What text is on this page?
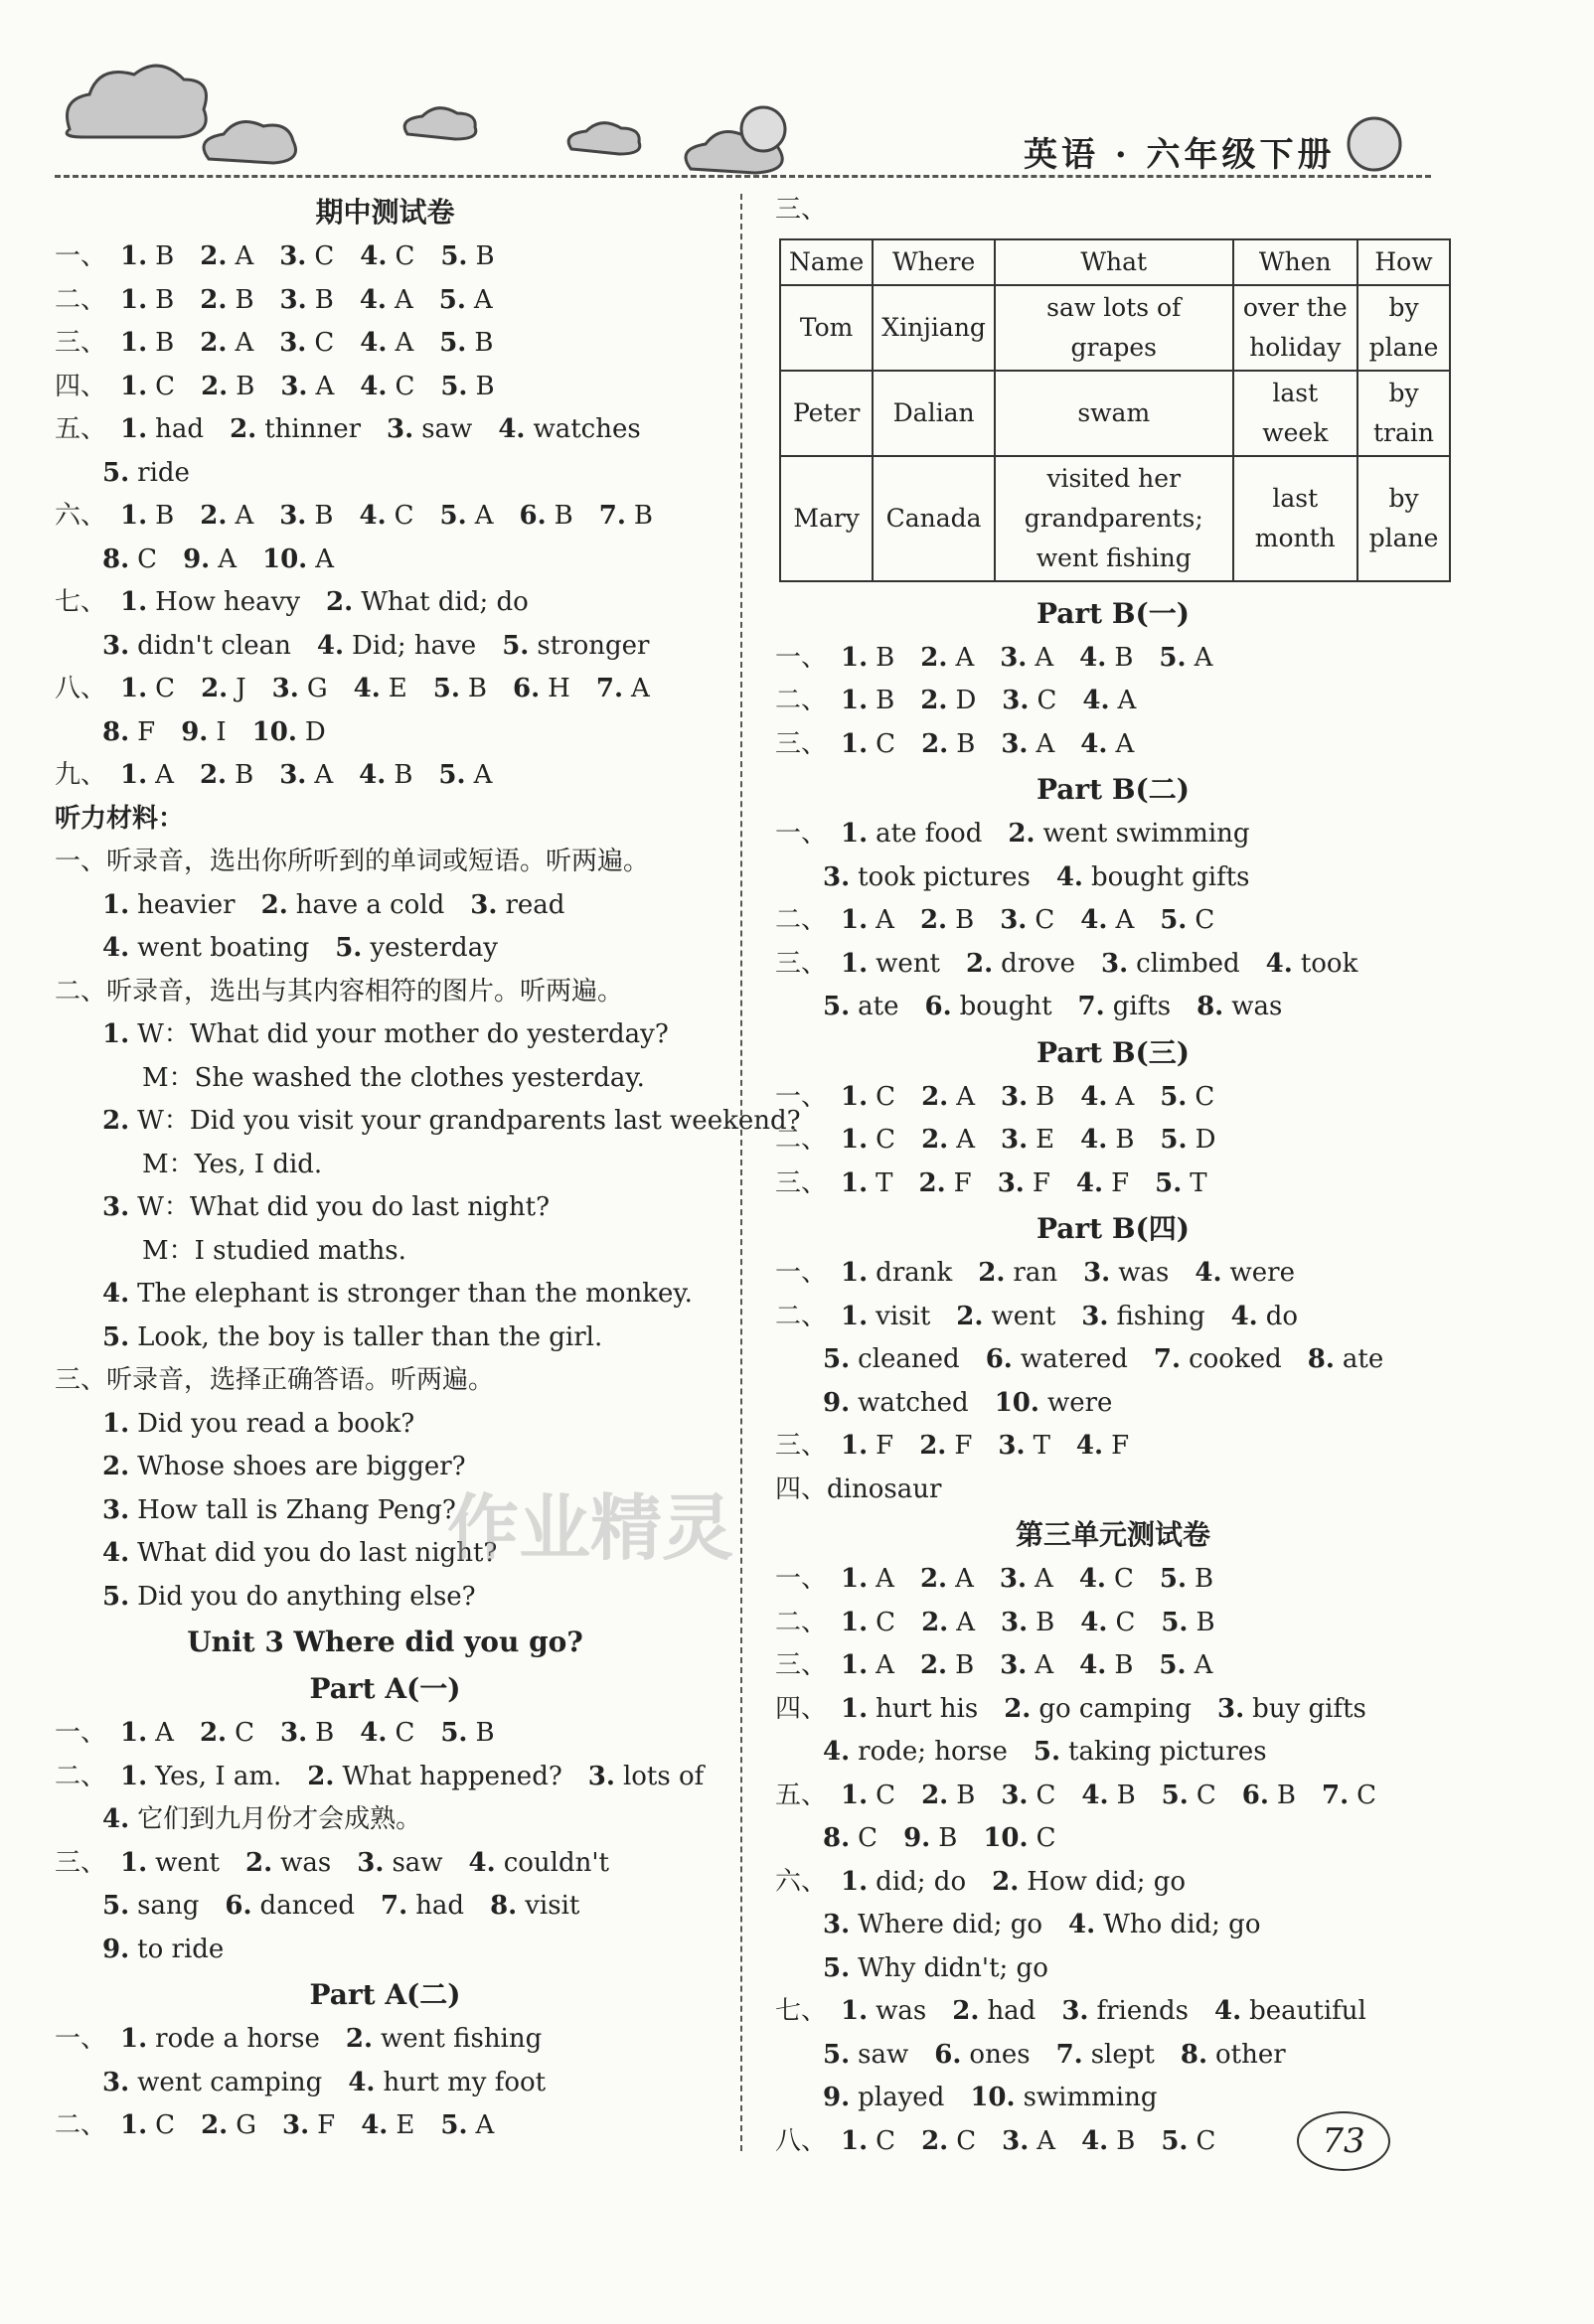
英语 · 六年级下册
期中测试卷
一、 1. B 2. A 3. C 4. C 5. B
二、 1. B 2. B 3. B 4. A 5. A
三、 1. B 2. A 3. C 4. A 5. B
四、 1. C 2. B 3. A 4. C 5. B
五、 1. had 2. thinner 3. saw 4. watches
5. ride
六、 1. B 2. A 3. B 4. C 5. A 6. B 7. B
8. C 9. A 10. A
七、 1. How heavy 2. What did; do
3. didn't clean 4. Did; have 5. stronger
八、 1. C 2. J 3. G 4. E 5. B 6. H 7. A
8. F 9. I 10. D
九、 1. A 2. B 3. A 4. B 5. A
听力材料：
一、听录音，选出你所听到的单词或短语。听两遍。
1. heavier 2. have a cold 3. read
4. went boating 5. yesterday
二、听录音，选出与其内容相符的图片。听两遍。
1. W：What did your mother do yesterday?
M：She washed the clothes yesterday.
2. W：Did you visit your grandparents last weekend?
M：Yes, I did.
3. W：What did you do last night?
M：I studied maths.
4. The elephant is stronger than the monkey.
5. Look, the boy is taller than the girl.
三、听录音，选择正确答语。听两遍。
1. Did you read a book?
2. Whose shoes are bigger?
3. How tall is Zhang Peng?
4. What did you do last night?
5. Did you do anything else?
Unit 3 Where did you go?
Part A(一)
一、 1. A 2. C 3. B 4. C 5. B
二、 1. Yes, I am. 2. What happened? 3. lots of
4. 它们到九月份才会成熟。
三、 1. went 2. was 3. saw 4. couldn't
5. sang 6. danced 7. had 8. visit
9. to ride
Part A(二)
一、 1. rode a horse 2. went fishing
3. went camping 4. hurt my foot
二、 1. C 2. G 3. F 4. E 5. A
三、
Name	Where	What	When	How
Tom	Xinjiang	saw lots of grapes	over the holiday	by plane
Peter	Dalian	swam	last week	by train
Mary	Canada	visited her grandparents; went fishing	last month	by plane
Part B(一)
一、 1. B 2. A 3. A 4. B 5. A
二、 1. B 2. D 3. C 4. A
三、 1. C 2. B 3. A 4. A
Part B(二)
一、 1. ate food 2. went swimming
3. took pictures 4. bought gifts
二、 1. A 2. B 3. C 4. A 5. C
三、 1. went 2. drove 3. climbed 4. took
5. ate 6. bought 7. gifts 8. was
Part B(三)
一、 1. C 2. A 3. B 4. A 5. C
二、 1. C 2. A 3. E 4. B 5. D
三、 1. T 2. F 3. F 4. F 5. T
Part B(四)
一、 1. drank 2. ran 3. was 4. were
二、 1. visit 2. went 3. fishing 4. do
5. cleaned 6. watered 7. cooked 8. ate
9. watched 10. were
三、 1. F 2. F 3. T 4. F
四、dinosaur
第三单元测试卷
一、 1. A 2. A 3. A 4. C 5. B
二、 1. C 2. A 3. B 4. C 5. B
三、 1. A 2. B 3. A 4. B 5. A
四、 1. hurt his 2. go camping 3. buy gifts
4. rode; horse 5. taking pictures
五、 1. C 2. B 3. C 4. B 5. C 6. B 7. C
8. C 9. B 10. C
六、 1. did; do 2. How did; go
3. Where did; go 4. Who did; go
5. Why didn't; go
七、 1. was 2. had 3. friends 4. beautiful
5. saw 6. ones 7. slept 8. other
9. played 10. swimming
八、 1. C 2. C 3. A 4. B 5. C
作业精灵
73
